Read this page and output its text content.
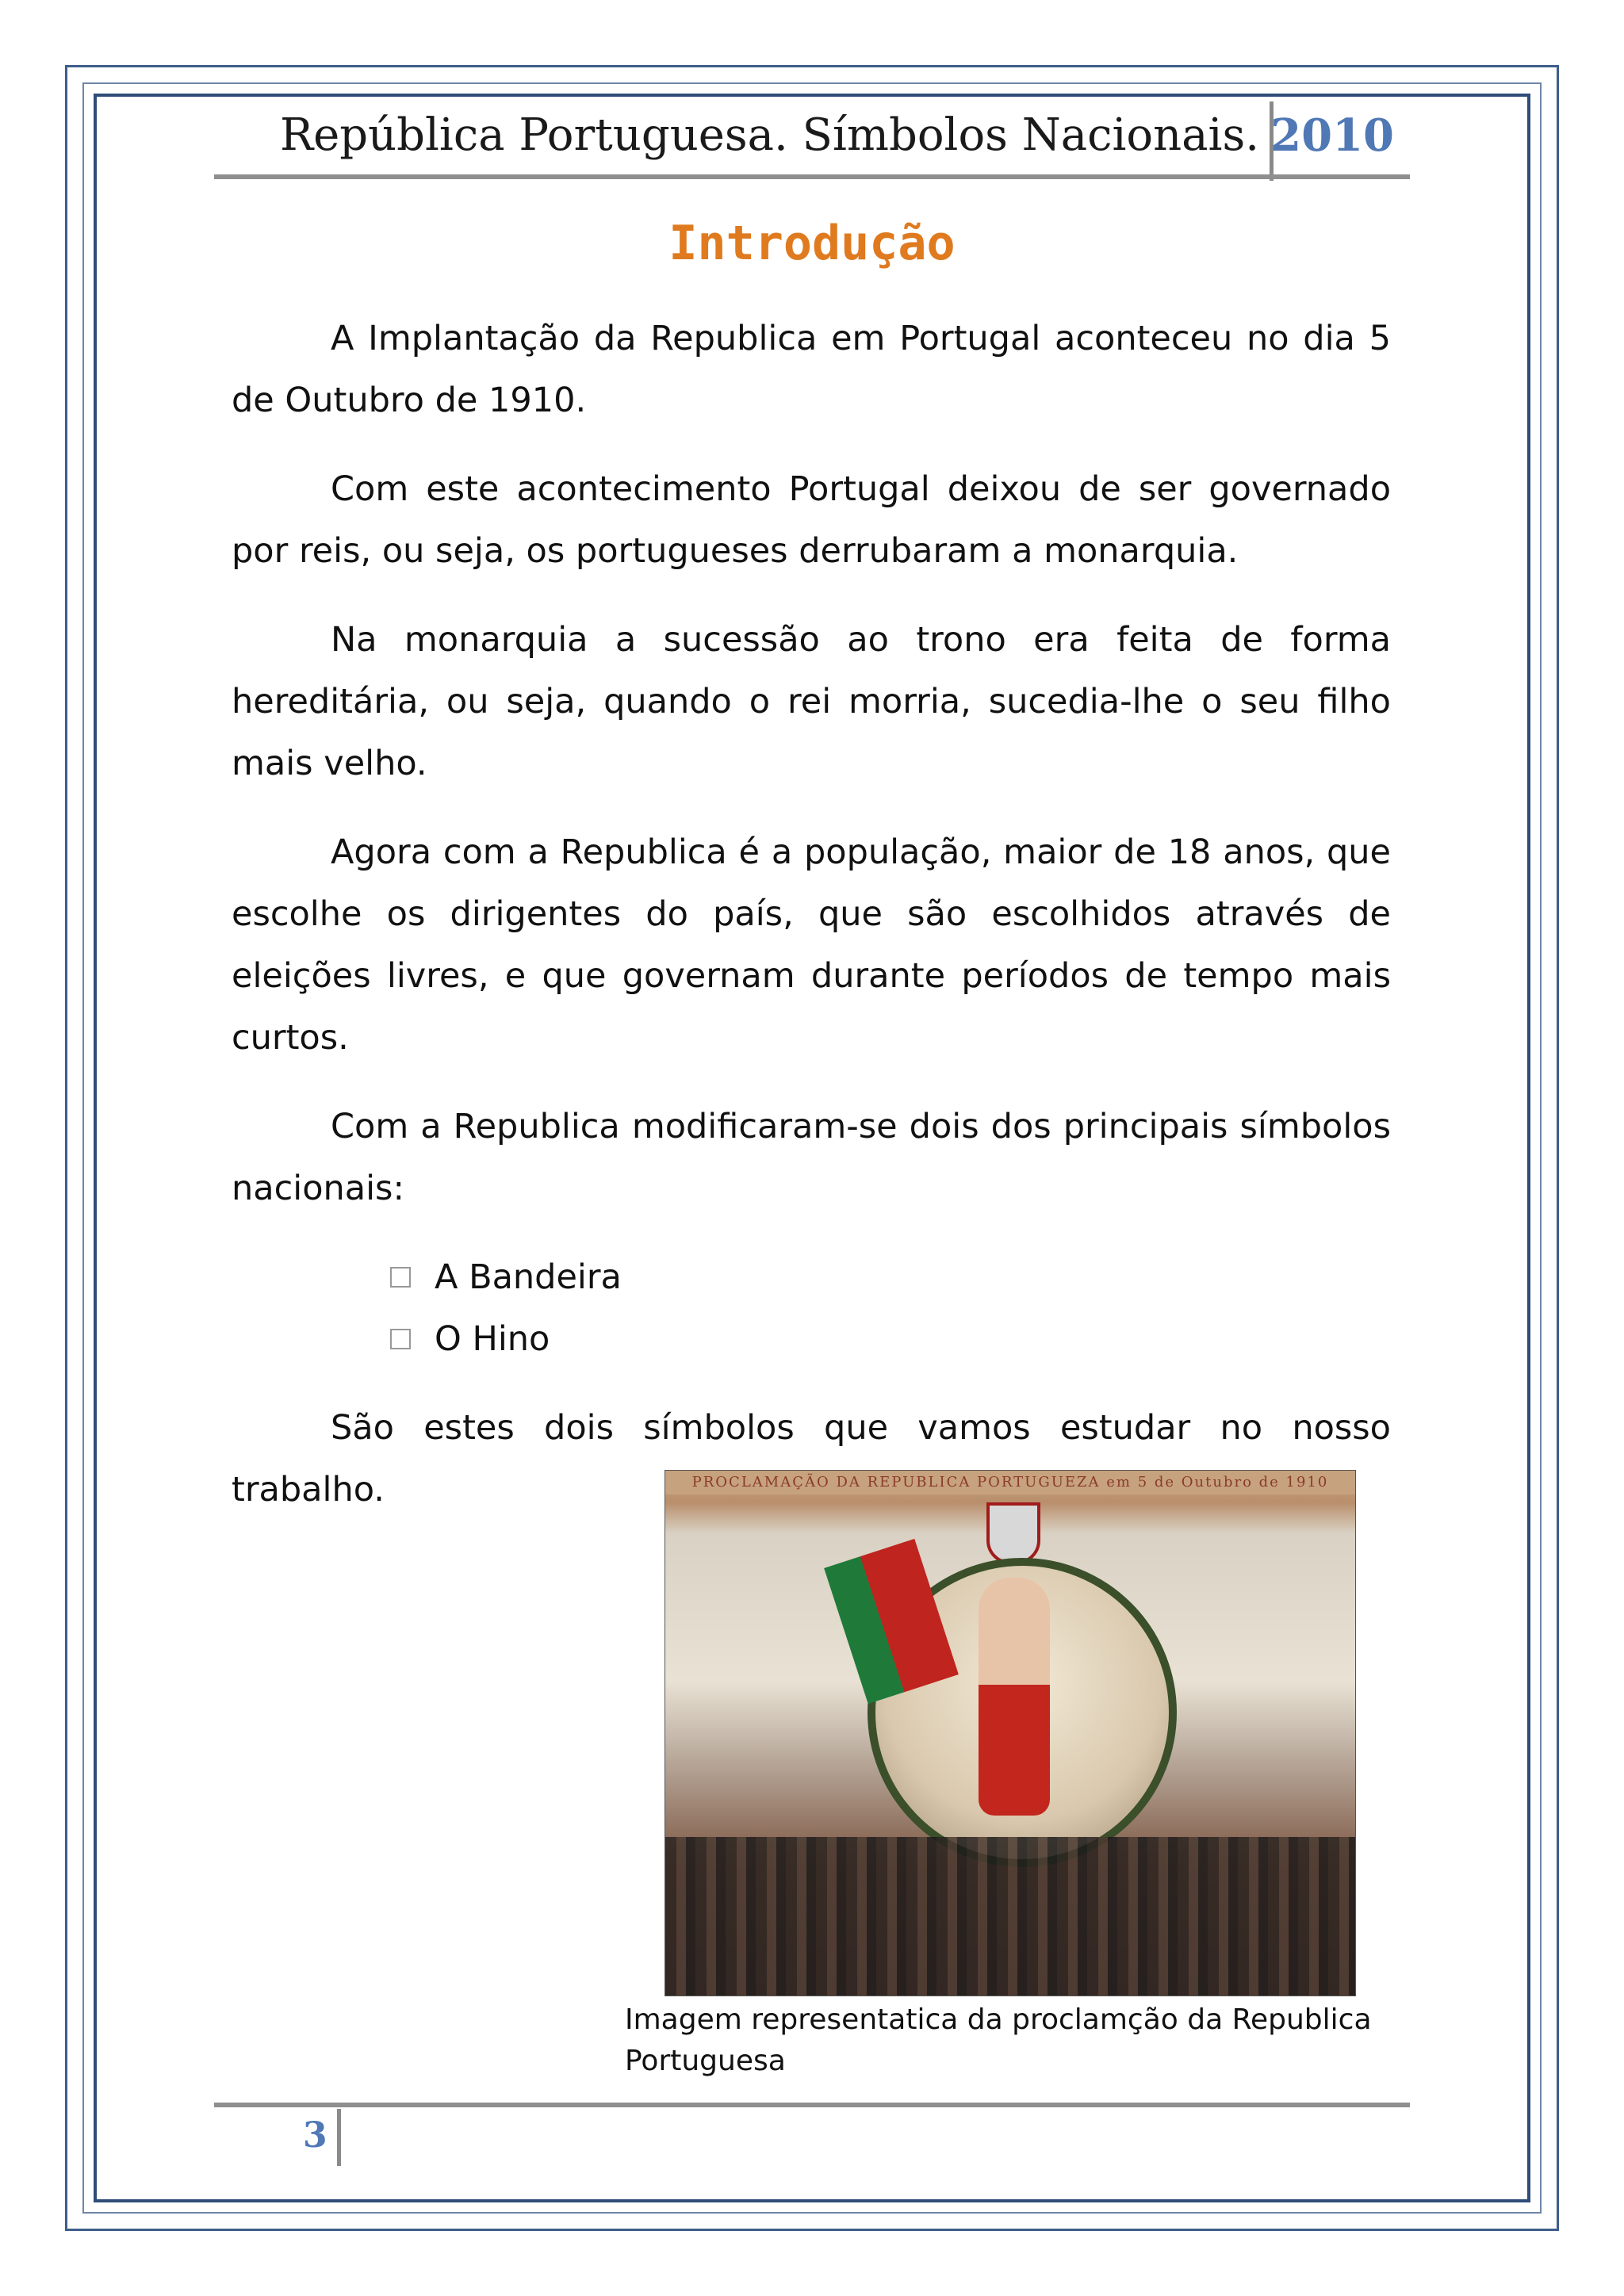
República Portuguesa. Símbolos Nacionais. 2010
Introdução

A Implantação da Republica em Portugal aconteceu no dia 5 de Outubro de 1910.

Com este acontecimento Portugal deixou de ser governado por reis, ou seja, os portugueses derrubaram a monarquia.

Na monarquia a sucessão ao trono era feita de forma hereditária, ou seja, quando o rei morria, sucedia-lhe o seu filho mais velho.

Agora com a Republica é a população, maior de 18 anos, que escolhe os dirigentes do país, que são escolhidos através de eleições livres, e que governam durante períodos de tempo mais curtos.

Com a Republica modificaram-se dois dos principais símbolos nacionais:

A Bandeira
O Hino

São estes dois símbolos que vamos estudar no nosso trabalho.	PROCLAMAÇÃO DA REPUBLICA PORTUGUEZA em 5 de Outubro de 1910
Imagem representatica da proclamção da Republica Portuguesa
3
